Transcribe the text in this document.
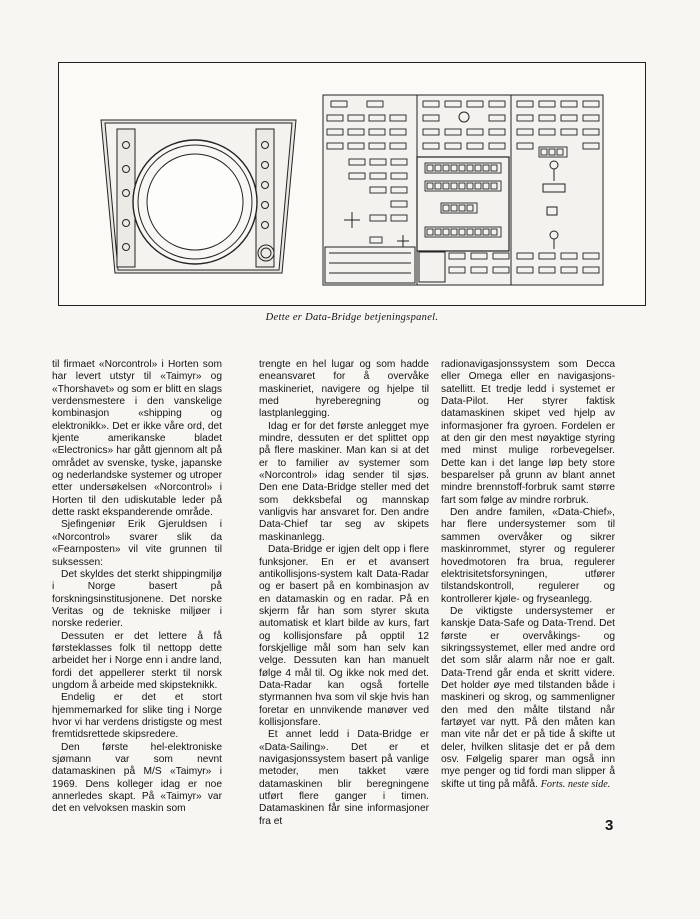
Dette er Data-Bridge betjeningspanel.

til firmaet «Norcontrol» i Horten som har levert utstyr til «Taimyr» og «Thorshavet» og som er blitt en slags verdensmestere i den vanskelige kombinasjon «shipping og elektronikk». Det er ikke våre ord, det kjente amerikanske bladet «Electronics» har gått gjennom alt på området av svenske, tyske, japanske og nederlandske systemer og utroper etter undersøkelsen «Norcontrol» i Horten til den udiskutable leder på dette raskt ekspanderende område.

Sjefingeniør Erik Gjeruldsen i «Norcontrol» svarer slik da «Fearnposten» vil vite grunnen til suksessen:

Det skyldes det sterkt shippingmiljø i Norge basert på forskningsinstitusjonene. Det norske Veritas og de tekniske miljøer i norske rederier.

Dessuten er det lettere å få førsteklasses folk til nettopp dette arbeidet her i Norge enn i andre land, fordi det appellerer sterkt til norsk ungdom å arbeide med skipsteknikk.

Endelig er det et stort hjemmemarked for slike ting i Norge hvor vi har verdens dristigste og mest fremtidsrettede skipsredere.

Den første hel-elektroniske sjømann var som nevnt datamaskinen på M/S «Taimyr» i 1969. Dens kolleger idag er noe annerledes skapt. På «Taimyr» var det en velvoksen maskin som

trengte en hel lugar og som hadde eneansvaret for å overvåke maskineriet, navigere og hjelpe til med hyreberegning og lastplanlegging.

Idag er for det første anlegget mye mindre, dessuten er det splittet opp på flere maskiner. Man kan si at det er to familier av systemer som «Norcontrol» idag sender til sjøs. Den ene Data-Bridge steller med det som dekksbefal og mannskap vanligvis har ansvaret for. Den andre Data-Chief tar seg av skipets maskinanlegg.

Data-Bridge er igjen delt opp i flere funksjoner. En er et avansert antikollisjons-system kalt Data-Radar og er basert på en kombinasjon av en datamaskin og en radar. På en skjerm får han som styrer skuta automatisk et klart bilde av kurs, fart og kollisjonsfare på opptil 12 forskjellige mål som han selv kan velge. Dessuten kan han manuelt følge 4 mål til. Og ikke nok med det. Data-Radar kan også fortelle styrmannen hva som vil skje hvis han foretar en unnvikende manøver ved kollisjonsfare.

Et annet ledd i Data-Bridge er «Data-Sailing». Det er et navigasjonssystem basert på vanlige metoder, men takket være datamaskinen blir beregningene utført flere ganger i timen. Datamaskinen får sine informasjoner fra et

radionavigasjonssystem som Decca eller Omega eller en navigasjons-satellitt. Et tredje ledd i systemet er Data-Pilot. Her styrer faktisk datamaskinen skipet ved hjelp av informasjoner fra gyroen. Fordelen er at den gir den mest nøyaktige styring med minst mulige rorbevegelser. Dette kan i det lange løp bety store besparelser på grunn av blant annet mindre brennstoff-forbruk samt større fart som følge av mindre rorbruk.

Den andre familen, «Data-Chief», har flere undersystemer som til sammen overvåker og sikrer maskinrommet, styrer og regulerer hovedmotoren fra brua, regulerer elektrisitetsforsyningen, utfører tilstandskontroll, regulerer og kontrollerer kjøle- og fryseanlegg.

De viktigste undersystemer er kanskje Data-Safe og Data-Trend. Det første er overvåkings- og sikringssystemet, eller med andre ord det som slår alarm når noe er galt. Data-Trend går enda et skritt videre. Det holder øye med tilstanden både i maskineri og skrog, og sammenligner den med den målte tilstand når fartøyet var nytt. På den måten kan man vite når det er på tide å skifte ut deler, hvilken slitasje det er på dem osv. Følgelig sparer man også inn mye penger og tid fordi man slipper å skifte ut ting på måfå. Forts. neste side.

3
